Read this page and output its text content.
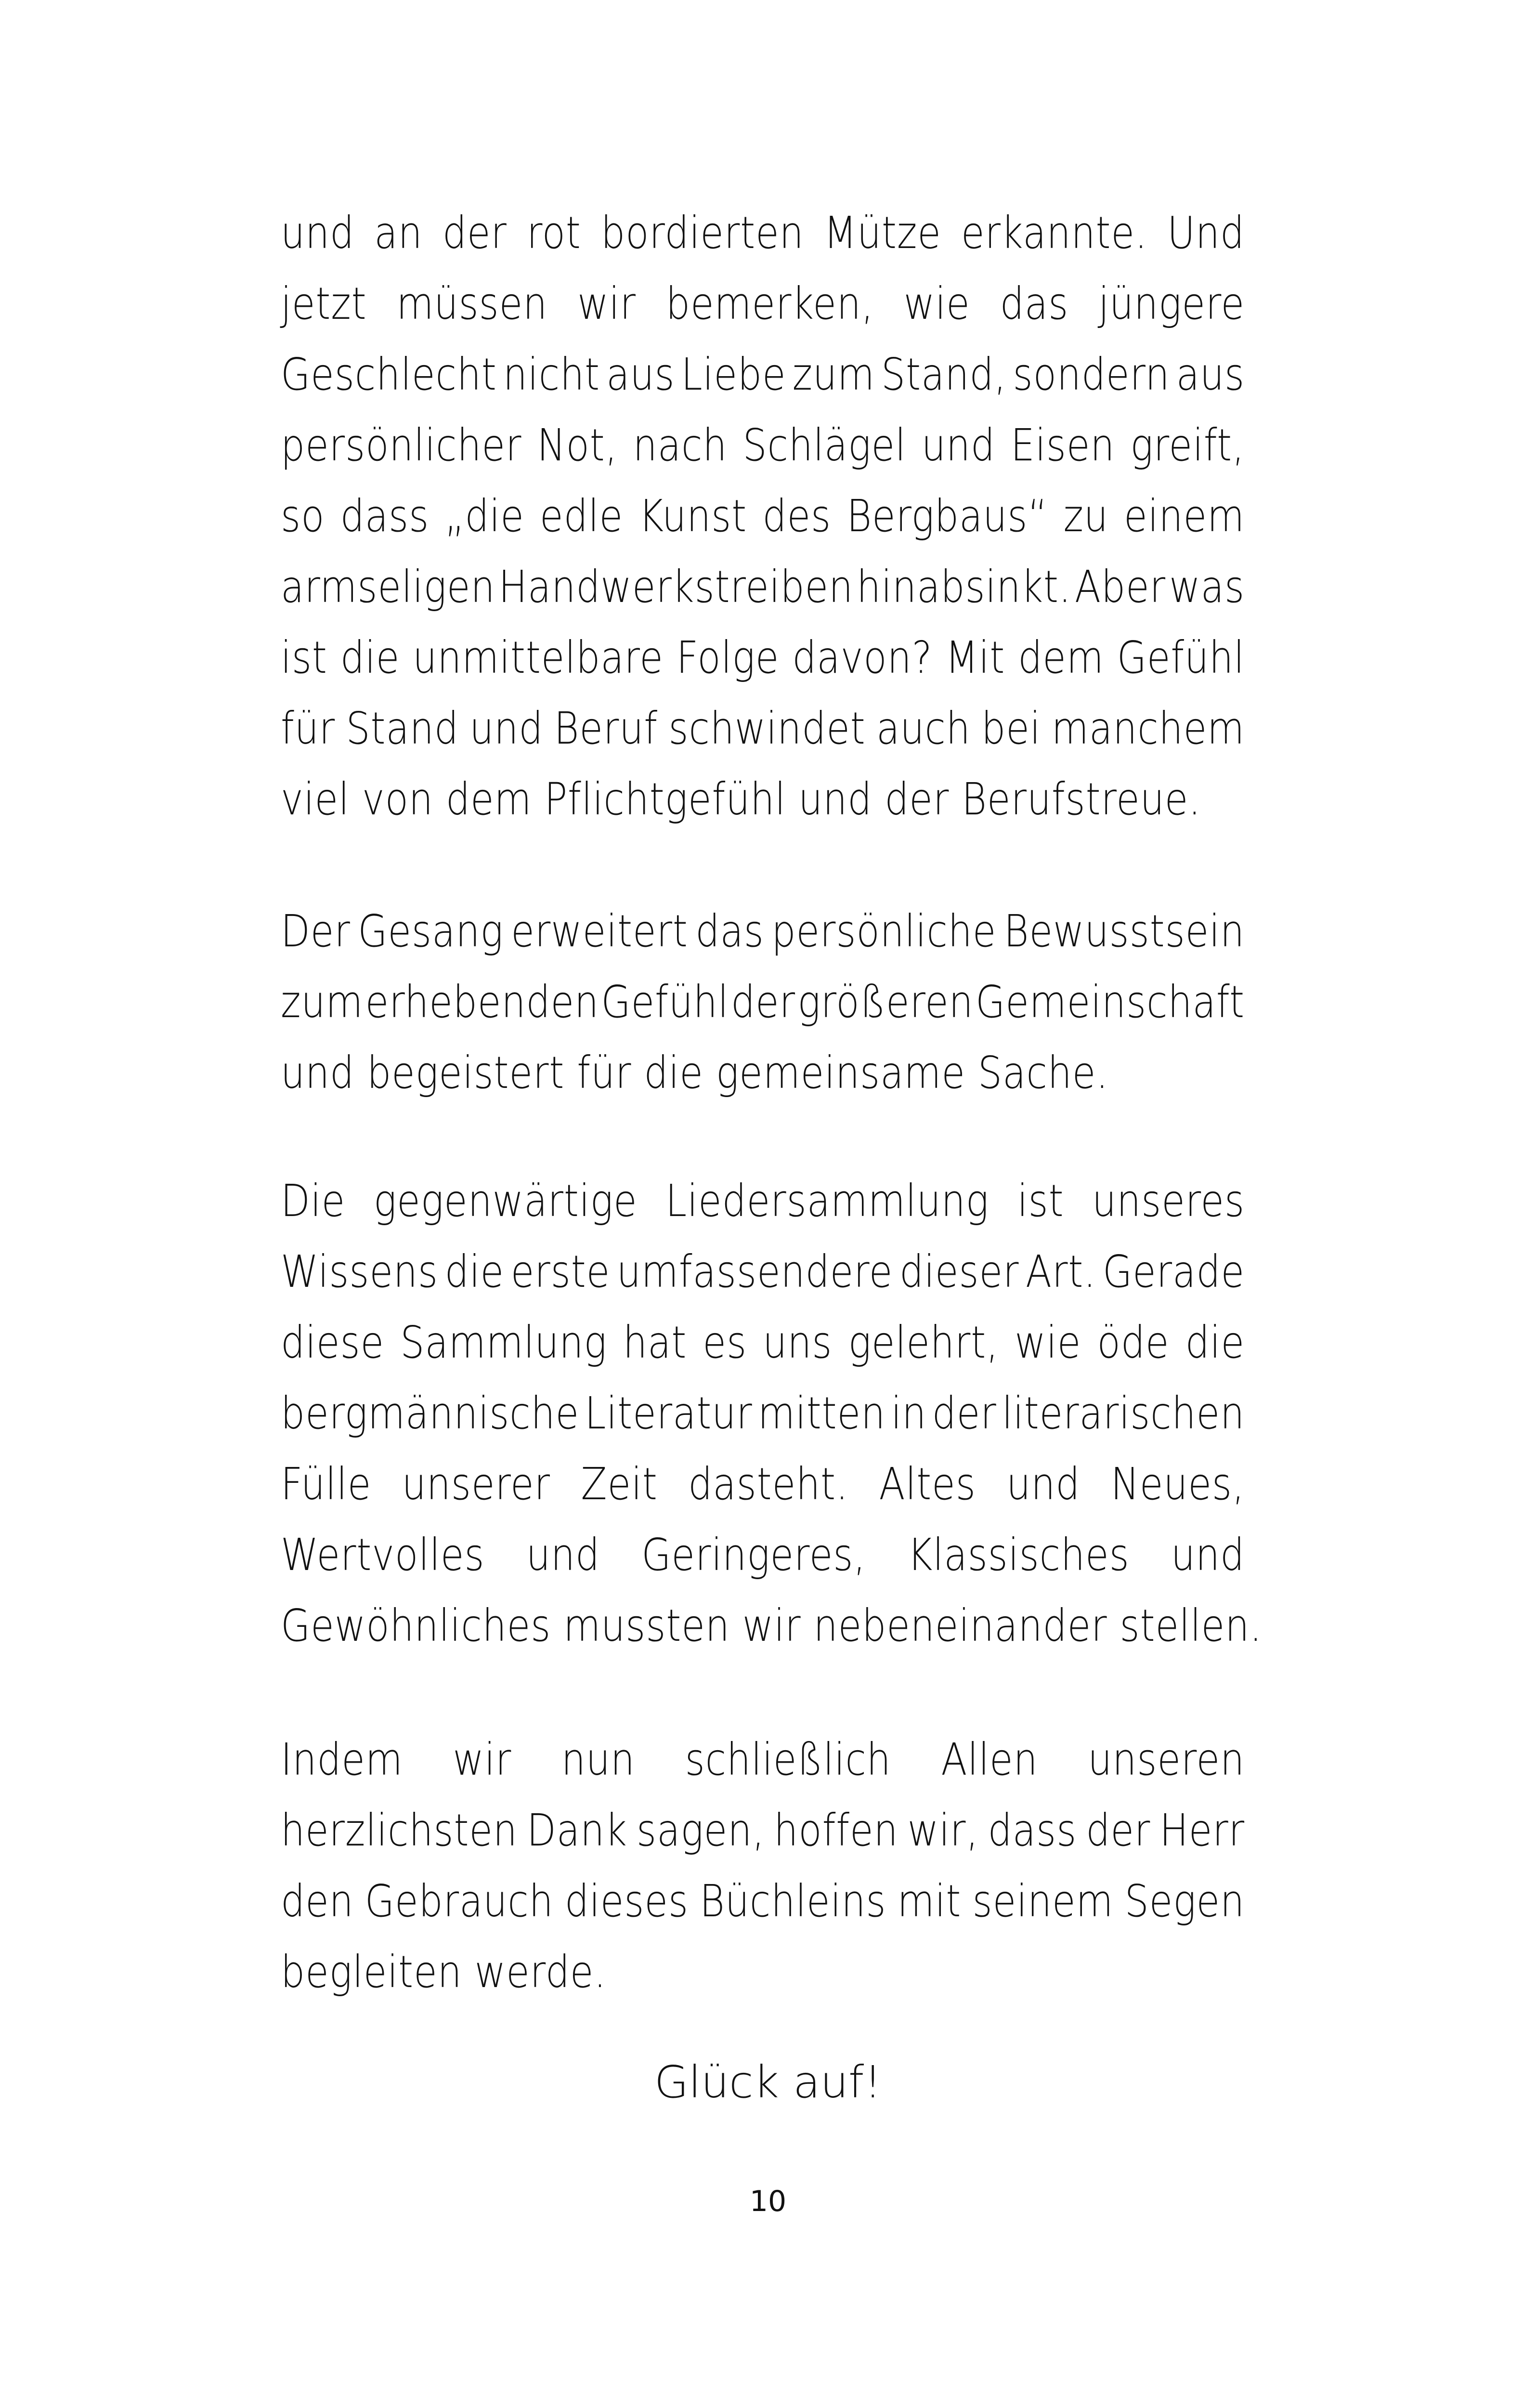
und an der rot bordierten Mütze erkannte. Und
jetzt müssen wir bemerken, wie das jüngere
Geschlecht nicht aus Liebe zum Stand, sondern aus
persönlicher Not, nach Schlägel und Eisen greift,
so dass „die edle Kunst des Bergbaus“ zu einem
armseligen Handwerkstreiben hinabsinkt. Aber was
ist die unmittelbare Folge davon? Mit dem Gefühl
für Stand und Beruf schwindet auch bei manchem
viel von dem Pflichtgefühl und der Berufstreue.
Der Gesang erweitert das persönliche Bewusstsein
zum erhebenden Gefühl der größeren Gemeinschaft
und begeistert für die gemeinsame Sache.
Die gegenwärtige Liedersammlung ist unseres
Wissens die erste umfassendere dieser Art. Gerade
diese Sammlung hat es uns gelehrt, wie öde die
bergmännische Literatur mitten in der literarischen
Fülle unserer Zeit dasteht. Altes und Neues,
Wertvolles und Geringeres, Klassisches und
Gewöhnliches mussten wir nebeneinander stellen.
Indem wir nun schließlich Allen unseren
herzlichsten Dank sagen, hoffen wir, dass der Herr
den Gebrauch dieses Büchleins mit seinem Segen
begleiten werde.
Glück auf!
10
